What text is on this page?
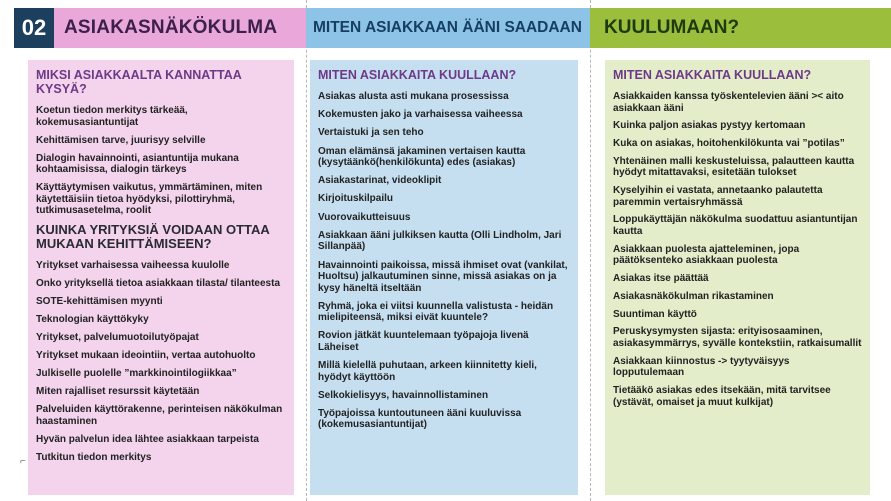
02 ASIAKASNÄKÖKULMA MITEN ASIAKKAAN ÄÄNI SAADAAN KUULUMAAN?
MIKSI ASIAKKAALTA KANNATTAA KYSYÄ?
Koetun tiedon merkitys tärkeää, kokemusasiantuntijat
Kehittämisen tarve, juurisyy selville
Dialogin havainnointi, asiantuntija mukana kohtaamisissa, dialogin tärkeys
Käyttäytymisen vaikutus, ymmärtäminen, miten käytettäisiin tietoa hyödyksi, pilottiryhmä, tutkimusasetelma, roolit
KUINKA YRITYKSIÄ VOIDAAN OTTAA MUKAAN KEHITTÄMISEEN?
Yritykset varhaisessa vaiheessa kuulolle
Onko yrityksellä tietoa asiakkaan tilasta/ tilanteesta
SOTE-kehittämisen myynti
Teknologian käyttökyky
Yritykset, palvelumuotoilutyöpajat
Yritykset mukaan ideointiin, vertaa autohuolto
Julkiselle puolelle ”markkinointilogiikkaa”
Miten rajalliset resurssit käytetään
Palveluiden käyttörakenne, perinteisen näkökulman haastaminen
Hyvän palvelun idea lähtee asiakkaan tarpeista
Tutkitun tiedon merkitys
MITEN ASIAKKAITA KUULLAAN?
Asiakas alusta asti mukana prosessissa
Kokemusten jako ja varhaisessa vaiheessa
Vertaistuki ja sen teho
Oman elämänsä jakaminen vertaisen kautta (kysytäänkö(henkilökunta) edes (asiakas)
Asiakastarinat, videoklipit
Kirjoituskilpailu
Vuorovaikutteisuus
Asiakkaan ääni julkiksen kautta (Olli Lindholm, Jari Sillanpää)
Havainnointi paikoissa, missä ihmiset ovat (vankilat, Huoltsu) jalkautuminen sinne, missä asiakas on ja kysy häneltä itseltään
Ryhmä, joka ei viitsi kuunnella valistusta - heidän mielipiteensä, miksi eivät kuuntele?
Rovion jätkät kuuntelemaan työpajoja livenä Läheiset
Millä kielellä puhutaan, arkeen kiinnitetty kieli, hyödyt käyttöön
Selkokielisyys, havainnollistaminen
Työpajoissa kuntoutuneen ääni kuuluvissa (kokemusasiantuntijat)
MITEN ASIAKKAITA KUULLAAN?
Asiakkaiden kanssa työskentelevien ääni >< aito asiakkaan ääni
Kuinka paljon asiakas pystyy kertomaan
Kuka on asiakas, hoitohenkilökunta vai ”potilas”
Yhtenäinen malli keskusteluissa, palautteen kautta hyödyt mitattavaksi, esitetään tulokset
Kyselyihin ei vastata, annetaanko palautetta paremmin vertaisryhmässä
Loppukäyttäjän näkökulma suodattuu asiantuntijan kautta
Asiakkaan puolesta ajatteleminen, jopa päätöksenteko asiakkaan puolesta
Asiakas itse päättää
Asiakasnäkökulman rikastaminen
Suuntiman käyttö
Peruskysymysten sijasta: erityisosaaminen, asiakasymmärrys, syvälle kontekstiin, ratkaisumallit
Asiakkaan kiinnostus -> tyytyväisyys lopputulemaan
Tietääkö asiakas edes itsekään, mitä tarvitsee (ystävät, omaiset ja muut kulkijat)
⌐
